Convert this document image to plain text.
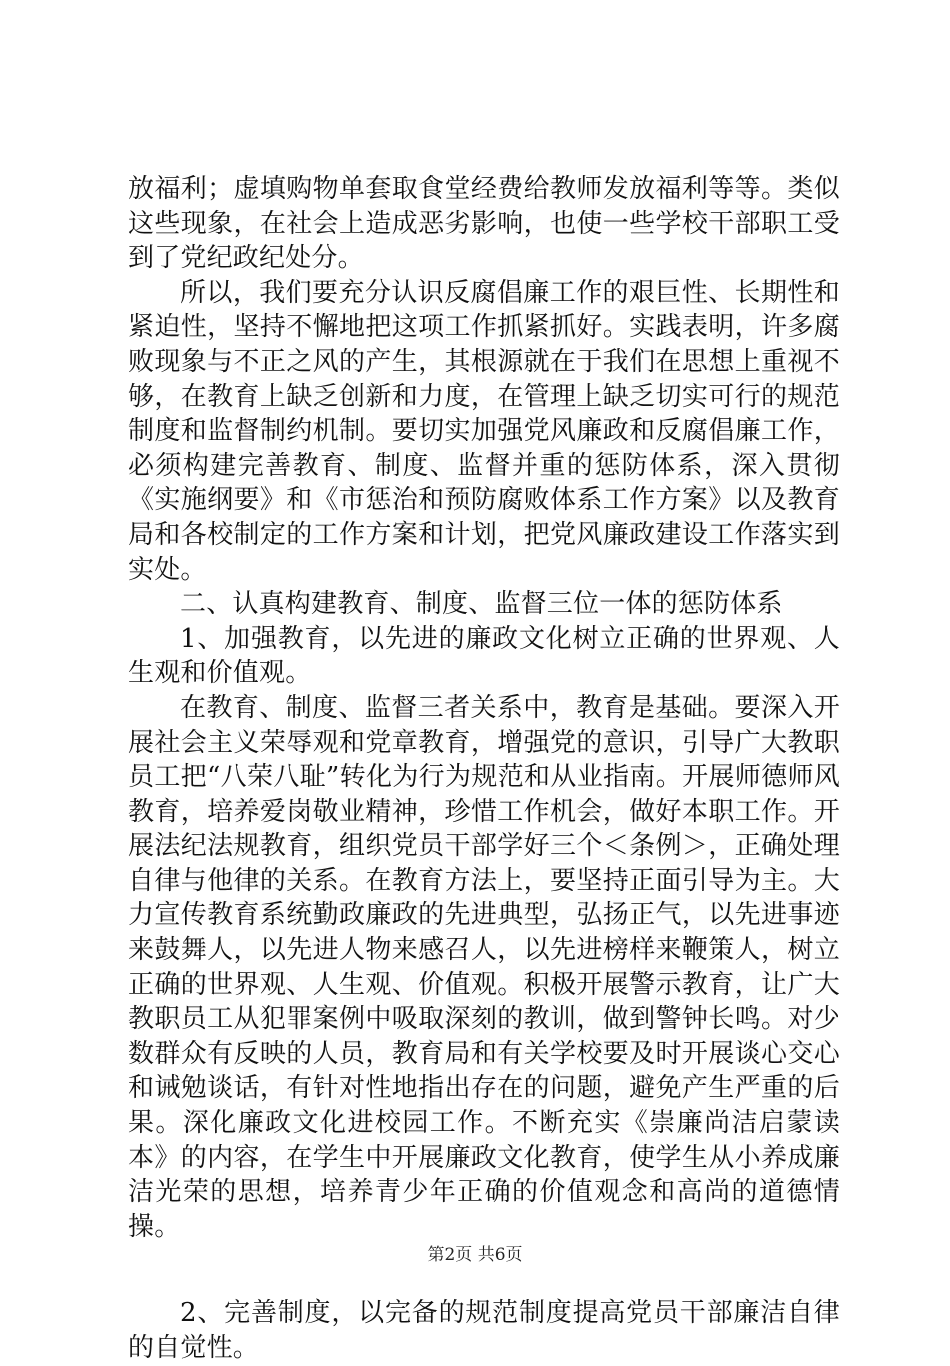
放福利；虚填购物单套取食堂经费给教师发放福利等等。类似这些现象，在社会上造成恶劣影响，也使一些学校干部职工受到了党纪政纪处分。

所以，我们要充分认识反腐倡廉工作的艰巨性、长期性和紧迫性，坚持不懈地把这项工作抓紧抓好。实践表明，许多腐败现象与不正之风的产生，其根源就在于我们在思想上重视不够，在教育上缺乏创新和力度，在管理上缺乏切实可行的规范制度和监督制约机制。要切实加强党风廉政和反腐倡廉工作，必须构建完善教育、制度、监督并重的惩防体系，深入贯彻《实施纲要》和《市惩治和预防腐败体系工作方案》以及教育局和各校制定的工作方案和计划，把党风廉政建设工作落实到实处。

二、认真构建教育、制度、监督三位一体的惩防体系

1、加强教育，以先进的廉政文化树立正确的世界观、人生观和价值观。

在教育、制度、监督三者关系中，教育是基础。要深入开展社会主义荣辱观和党章教育，增强党的意识，引导广大教职员工把“八荣八耻”转化为行为规范和从业指南。开展师德师风教育，培养爱岗敬业精神，珍惜工作机会，做好本职工作。开展法纪法规教育，组织党员干部学好三个＜条例＞，正确处理自律与他律的关系。在教育方法上，要坚持正面引导为主。大力宣传教育系统勤政廉政的先进典型，弘扬正气，以先进事迹来鼓舞人，以先进人物来感召人，以先进榜样来鞭策人，树立正确的世界观、人生观、价值观。积极开展警示教育，让广大教职员工从犯罪案例中吸取深刻的教训，做到警钟长鸣。对少数群众有反映的人员，教育局和有关学校要及时开展谈心交心和诫勉谈话，有针对性地指出存在的问题，避免产生严重的后果。深化廉政文化进校园工作。不断充实《崇廉尚洁启蒙读本》的内容，在学生中开展廉政文化教育，使学生从小养成廉洁光荣的思想，培养青少年正确的价值观念和高尚的道德情操。

2、完善制度，以完备的规范制度提高党员干部廉洁自律的自觉性。

第2页 共6页
